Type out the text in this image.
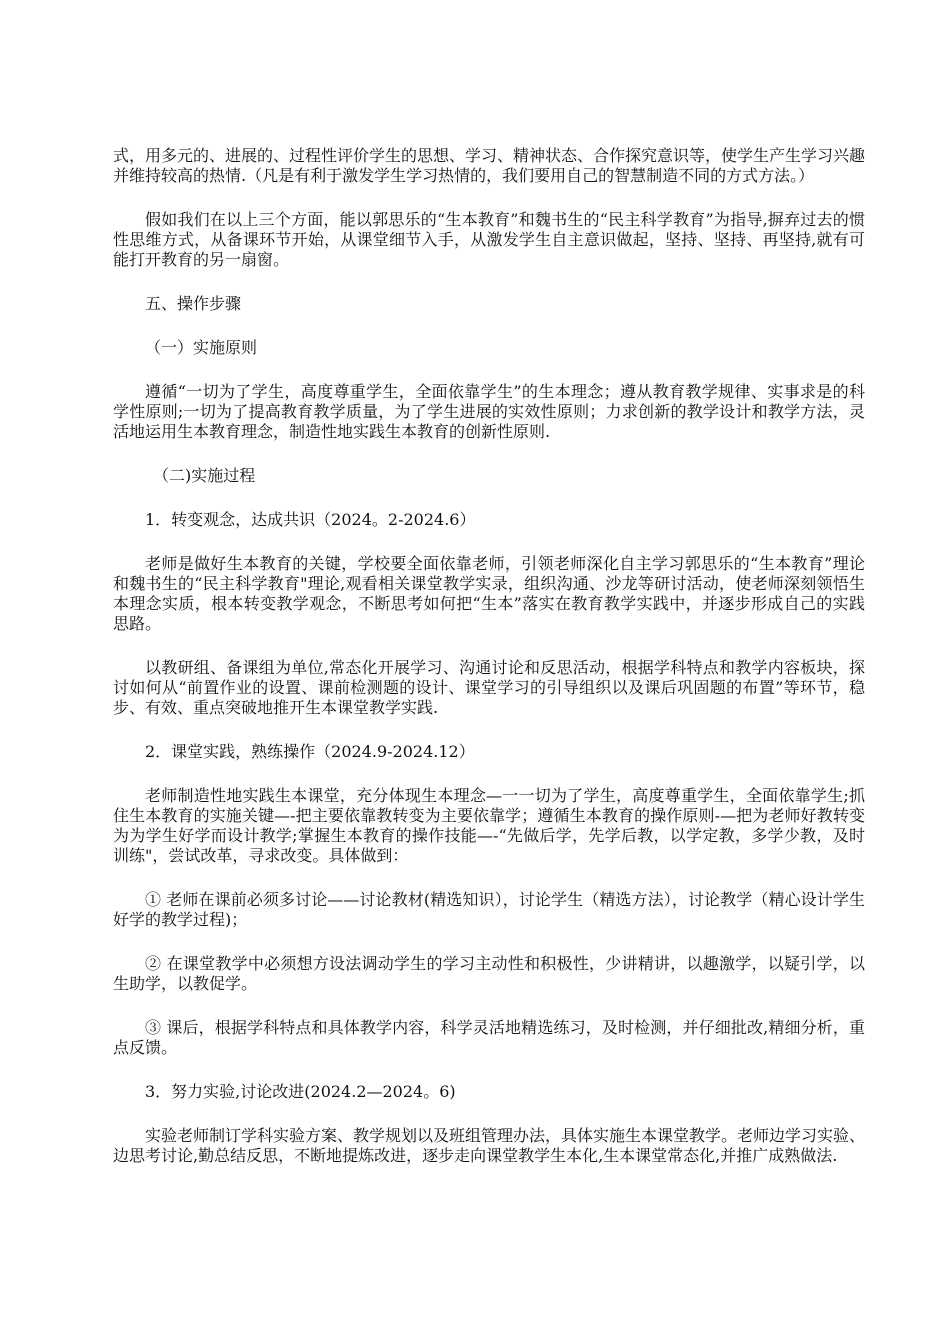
式，用多元的、进展的、过程性评价学生的思想、学习、精神状态、合作探究意识等，使学生产生学习兴趣并维持较高的热情.（凡是有利于激发学生学习热情的，我们要用自己的智慧制造不同的方式方法。）

假如我们在以上三个方面，能以郭思乐的“生本教育”和魏书生的“民主科学教育”为指导,摒弃过去的惯性思维方式，从备课环节开始，从课堂细节入手，从激发学生自主意识做起，坚持、坚持、再坚持,就有可能打开教育的另一扇窗。

五、操作步骤

（一）实施原则

遵循“一切为了学生，高度尊重学生，全面依靠学生”的生本理念；遵从教育教学规律、实事求是的科学性原则;一切为了提高教育教学质量，为了学生进展的实效性原则；力求创新的教学设计和教学方法，灵活地运用生本教育理念，制造性地实践生本教育的创新性原则.

（二)实施过程

1．转变观念，达成共识（2024。2-2024.6）

老师是做好生本教育的关键，学校要全面依靠老师，引领老师深化自主学习郭思乐的“生本教育”理论和魏书生的“民主科学教育"理论,观看相关课堂教学实录，组织沟通、沙龙等研讨活动，使老师深刻领悟生本理念实质，根本转变教学观念，不断思考如何把“生本”落实在教育教学实践中，并逐步形成自己的实践思路。

以教研组、备课组为单位,常态化开展学习、沟通讨论和反思活动，根据学科特点和教学内容板块，探讨如何从“前置作业的设置、课前检测题的设计、课堂学习的引导组织以及课后巩固题的布置”等环节，稳步、有效、重点突破地推开生本课堂教学实践.

2．课堂实践，熟练操作（2024.9-2024.12）

老师制造性地实践生本课堂，充分体现生本理念—一一切为了学生，高度尊重学生，全面依靠学生;抓住生本教育的实施关键—-把主要依靠教转变为主要依靠学；遵循生本教育的操作原则-—把为老师好教转变为为学生好学而设计教学;掌握生本教育的操作技能—-“先做后学，先学后教，以学定教，多学少教，及时训练"，尝试改革，寻求改变。具体做到：

① 老师在课前必须多讨论——讨论教材(精选知识），讨论学生（精选方法），讨论教学（精心设计学生好学的教学过程)；

② 在课堂教学中必须想方设法调动学生的学习主动性和积极性，少讲精讲，以趣激学，以疑引学，以生助学，以教促学。

③ 课后，根据学科特点和具体教学内容，科学灵活地精选练习，及时检测，并仔细批改,精细分析，重点反馈。

3．努力实验,讨论改进(2024.2—2024。6)

实验老师制订学科实验方案、教学规划以及班组管理办法，具体实施生本课堂教学。老师边学习实验、边思考讨论,勤总结反思，不断地提炼改进，逐步走向课堂教学生本化,生本课堂常态化,并推广成熟做法.
